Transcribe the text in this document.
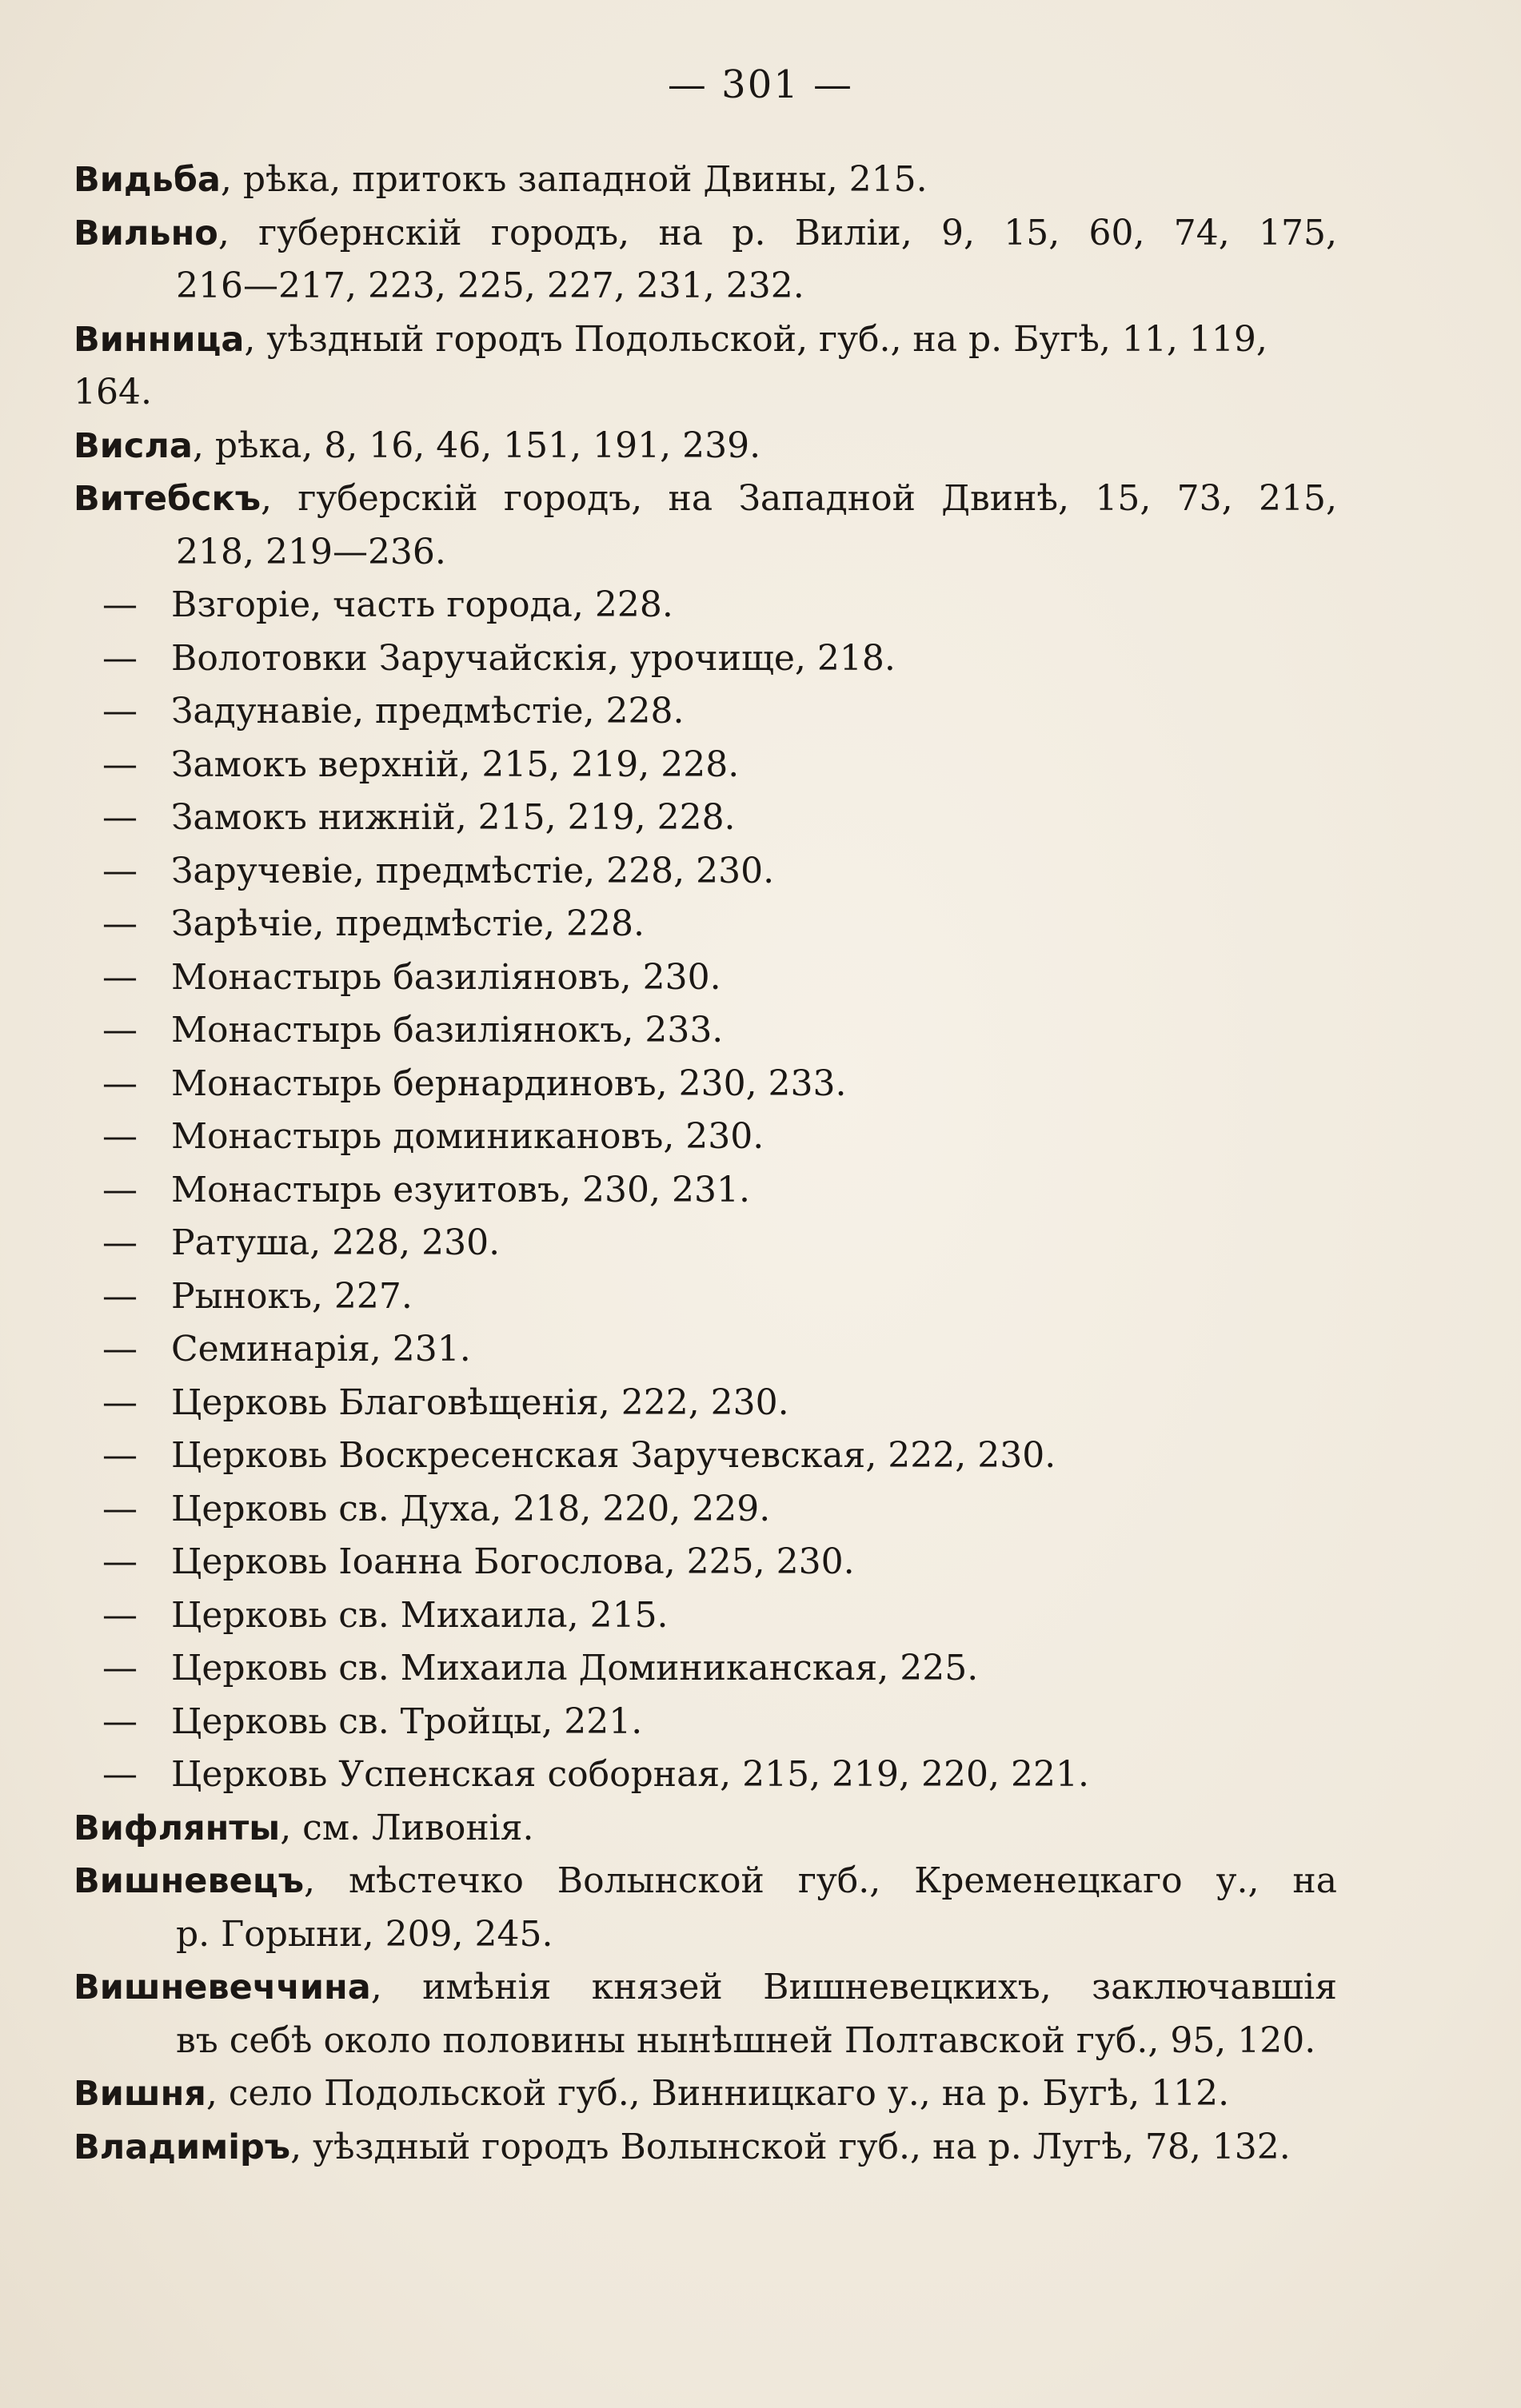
— 301 —
Видьба, рѣка, притокъ западной Двины, 215.
Вильно, губернскій городъ, на р. Виліи, 9, 15, 60, 74, 175,
216—217, 223, 225, 227, 231, 232.
Винница, уѣздный городъ Подольской, губ., на р. Бугѣ, 11, 119, 164.
Висла, рѣка, 8, 16, 46, 151, 191, 239.
Витебскъ, губерскій городъ, на Западной Двинѣ, 15, 73, 215,
218, 219—236.
— Взгоріе, часть города, 228.
— Волотовки Заручайскія, урочище, 218.
— Задунавіе, предмѣстіе, 228.
— Замокъ верхній, 215, 219, 228.
— Замокъ нижній, 215, 219, 228.
— Заручевіе, предмѣстіе, 228, 230.
— Зарѣчіе, предмѣстіе, 228.
— Монастырь базиліяновъ, 230.
— Монастырь базиліянокъ, 233.
— Монастырь бернардиновъ, 230, 233.
— Монастырь доминикановъ, 230.
— Монастырь езуитовъ, 230, 231.
— Ратуша, 228, 230.
— Рынокъ, 227.
— Семинарія, 231.
— Церковь Благовѣщенія, 222, 230.
— Церковь Воскресенская Заручевская, 222, 230.
— Церковь св. Духа, 218, 220, 229.
— Церковь Іоанна Богослова, 225, 230.
— Церковь св. Михаила, 215.
— Церковь св. Михаила Доминиканская, 225.
— Церковь св. Тройцы, 221.
— Церковь Успенская соборная, 215, 219, 220, 221.
Вифлянты, см. Ливонія.
Вишневецъ, мѣстечко Волынской губ., Кременецкаго у., на
р. Горыни, 209, 245.
Вишневеччина, имѣнія князей Вишневецкихъ, заключавшія
въ себѣ около половины нынѣшней Полтавской губ., 95, 120.
Вишня, село Подольской губ., Винницкаго у., на р. Бугѣ, 112.
Владиміръ, уѣздный городъ Волынской губ., на р. Лугѣ, 78, 132.
